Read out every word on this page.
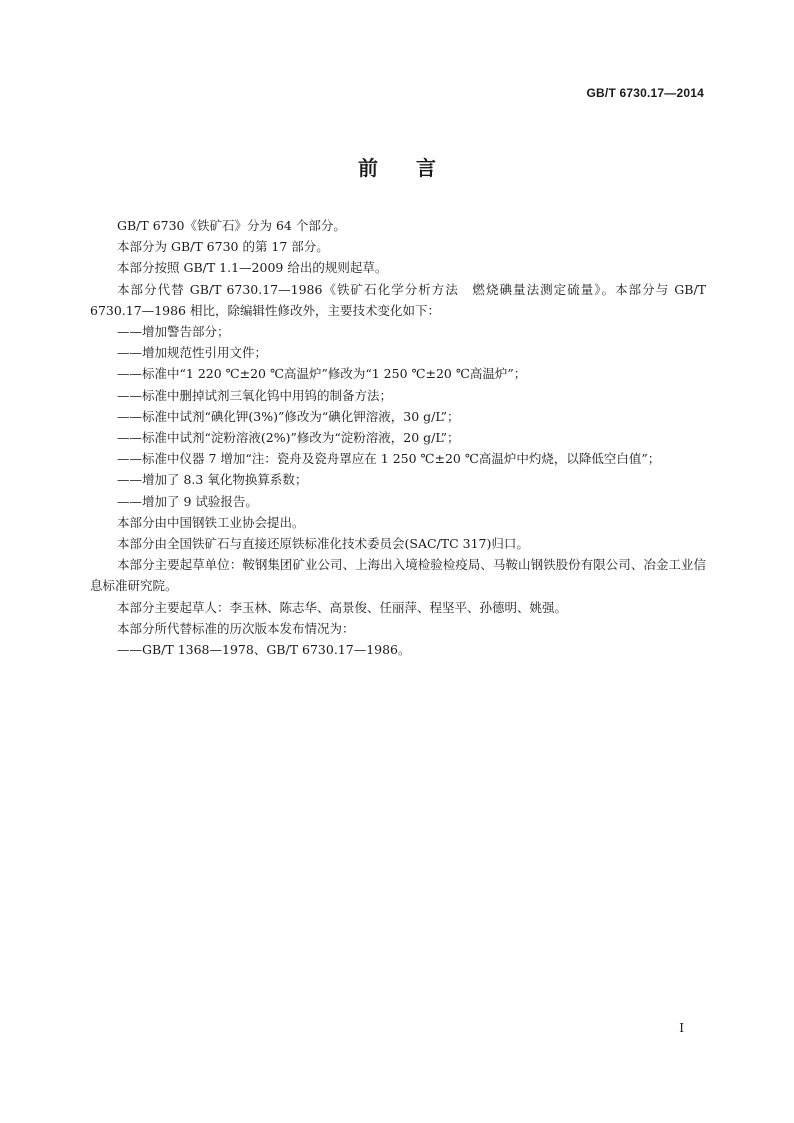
GB/T 6730.17—2014
前言

GB/T 6730《铁矿石》分为 64 个部分。

本部分为 GB/T 6730 的第 17 部分。

本部分按照 GB/T 1.1—2009 给出的规则起草。

本部分代替 GB/T 6730.17—1986《铁矿石化学分析方法　燃烧碘量法测定硫量》。本部分与 GB/T 6730.17—1986 相比，除编辑性修改外，主要技术变化如下：

——增加警告部分；

——增加规范性引用文件；

——标准中“1 220 ℃±20 ℃高温炉”修改为“1 250 ℃±20 ℃高温炉”；

——标准中删掉试剂三氧化钨中用钨的制备方法；

——标准中试剂“碘化钾(3%)”修改为“碘化钾溶液，30 g/L”；

——标准中试剂“淀粉溶液(2%)”修改为“淀粉溶液，20 g/L”；

——标准中仪器 7 增加“注：瓷舟及瓷舟罩应在 1 250 ℃±20 ℃高温炉中灼烧，以降低空白值”；

——增加了 8.3 氧化物换算系数；

——增加了 9 试验报告。

本部分由中国钢铁工业协会提出。

本部分由全国铁矿石与直接还原铁标准化技术委员会(SAC/TC 317)归口。

本部分主要起草单位：鞍钢集团矿业公司、上海出入境检验检疫局、马鞍山钢铁股份有限公司、冶金工业信息标准研究院。

本部分主要起草人：李玉林、陈志华、高景俊、任丽萍、程坚平、孙德明、姚强。

本部分所代替标准的历次版本发布情况为：

——GB/T 1368—1978、GB/T 6730.17—1986。

I
